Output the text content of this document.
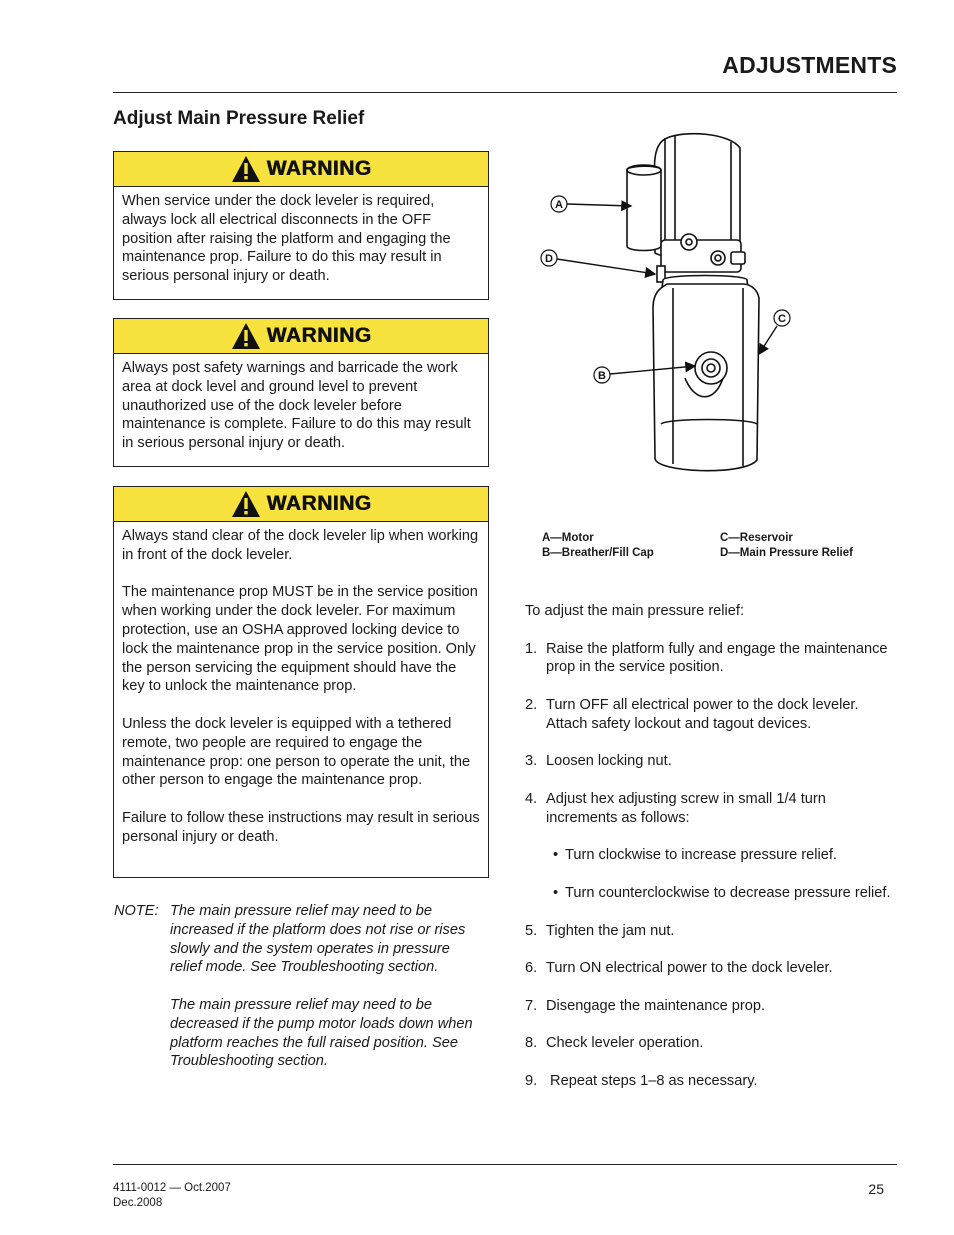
ADJUSTMENTS
Adjust Main Pressure Relief
WARNING

When service under the dock leveler is required, always lock all electrical disconnects in the OFF position after raising the platform and engaging the maintenance prop. Failure to do this may result in serious personal injury or death.

WARNING

Always post safety warnings and barricade the work area at dock level and ground level to prevent unauthorized use of the dock leveler before maintenance is complete. Failure to do this may result in serious personal injury or death.

WARNING

Always stand clear of the dock leveler lip when working in front of the dock leveler.

The maintenance prop MUST be in the service position when working under the dock leveler. For maximum protection, use an OSHA approved locking device to lock the maintenance prop in the service position. Only the person servicing the equipment should have the key to unlock the maintenance prop.

Unless the dock leveler is equipped with a tethered remote, two people are required to engage the maintenance prop: one person to operate the unit, the other person to engage the maintenance prop.

Failure to follow these instructions may result in serious personal injury or death.

NOTE: The main pressure relief may need to be increased if the platform does not rise or rises slowly and the system operates in pressure relief mode. See Troubleshooting section.

The main pressure relief may need to be decreased if the pump motor loads down when platform reaches the full raised position. See Troubleshooting section.

A
D
C
B
A—Motor	C—Reservoir
B—Breather/Fill Cap	D—Main Pressure Relief

To adjust the main pressure relief:

1. Raise the platform fully and engage the maintenance prop in the service position.
2. Turn OFF all electrical power to the dock leveler. Attach safety lockout and tagout devices.
3. Loosen locking nut.
4. Adjust hex adjusting screw in small 1/4 turn increments as follows:
• Turn clockwise to increase pressure relief.
• Turn counterclockwise to decrease pressure relief.
5. Tighten the jam nut.
6. Turn ON electrical power to the dock leveler.
7. Disengage the maintenance prop.
8. Check leveler operation.
9. Repeat steps 1–8 as necessary.
4111-0012 — Oct.2007
Dec.2008
25
